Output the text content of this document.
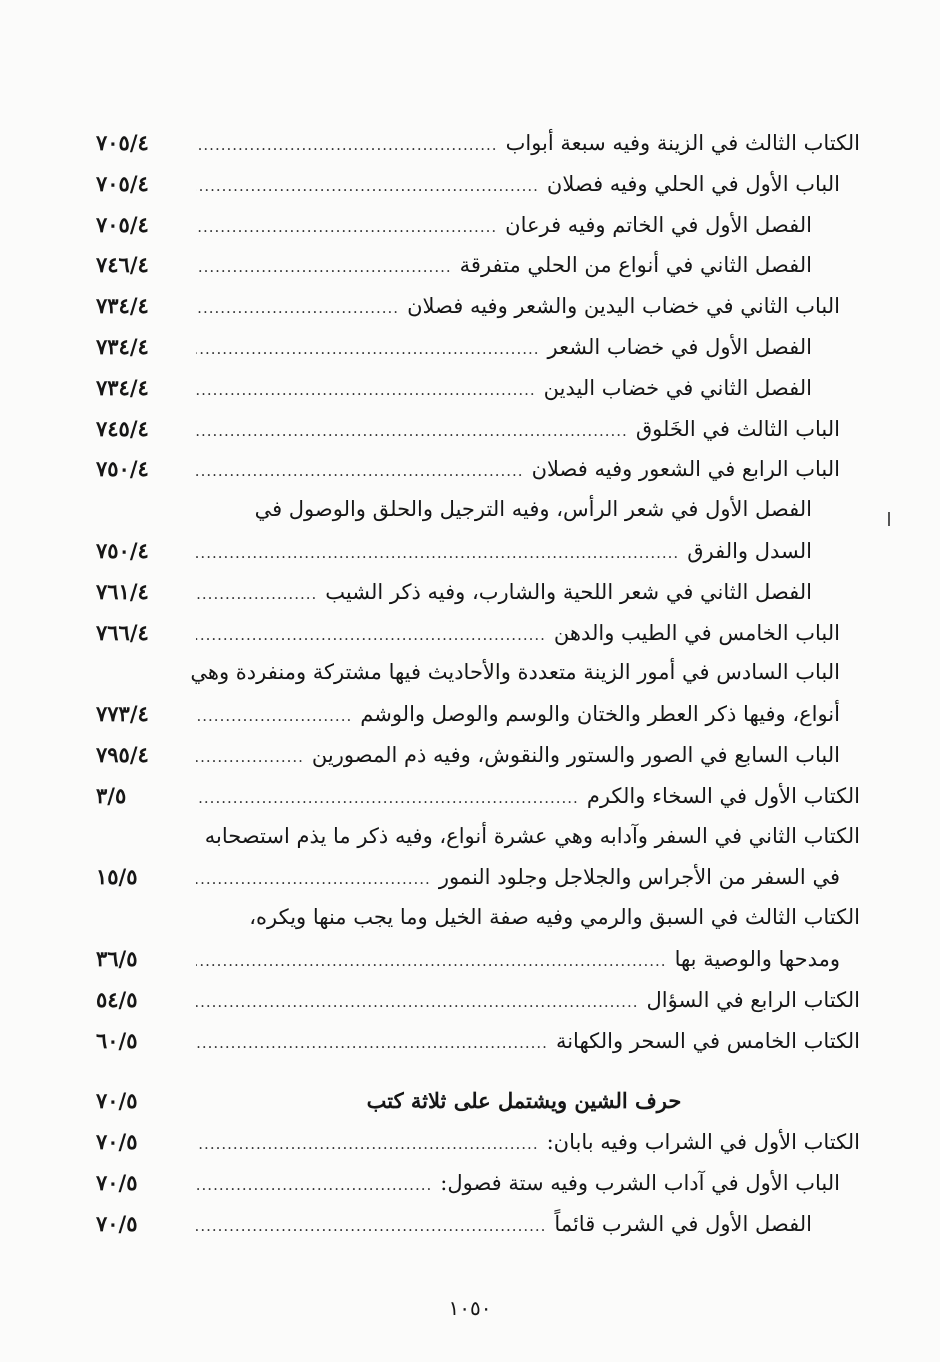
الكتاب الثالث في الزينة وفيه سبعة أبواب
.....
٧٠٥/٤
الباب الأول في الحلي وفيه فصلان
.....
٧٠٥/٤
الفصل الأول في الخاتم وفيه فرعان
.....
٧٠٥/٤
الفصل الثاني في أنواع من الحلي متفرقة
.....
٧٤٦/٤
الباب الثاني في خضاب اليدين والشعر وفيه فصلان
.....
٧٣٤/٤
الفصل الأول في خضاب الشعر
.....
٧٣٤/٤
الفصل الثاني في خضاب اليدين
.....
٧٣٤/٤
الباب الثالث في الخَلوق
.....
٧٤٥/٤
الباب الرابع في الشعور وفيه فصلان
.....
٧٥٠/٤
الفصل الأول في شعر الرأس، وفيه الترجيل والحلق والوصول في
السدل والفرق
.....
٧٥٠/٤
الفصل الثاني في شعر اللحية والشارب، وفيه ذكر الشيب
.....
٧٦١/٤
الباب الخامس في الطيب والدهن
.....
٧٦٦/٤
الباب السادس في أمور الزينة متعددة والأحاديث فيها مشتركة ومنفردة وهي
أنواع، وفيها ذكر العطر والختان والوسم والوصل والوشم
.....
٧٧٣/٤
الباب السابع في الصور والستور والنقوش، وفيه ذم المصورين
.....
٧٩٥/٤
الكتاب الأول في السخاء والكرم
.....
٣/٥
الكتاب الثاني في السفر وآدابه وهي عشرة أنواع، وفيه ذكر ما يذم استصحابه
في السفر من الأجراس والجلاجل وجلود النمور
.....
١٥/٥
الكتاب الثالث في السبق والرمي وفيه صفة الخيل وما يجب منها ويكره،
ومدحها والوصية بها
.....
٣٦/٥
الكتاب الرابع في السؤال
.....
٥٤/٥
الكتاب الخامس في السحر والكهانة
.....
٦٠/٥
حرف الشين ويشتمل على ثلاثة كتب
٧٠/٥
الكتاب الأول في الشراب وفيه بابان:
.....
٧٠/٥
الباب الأول في آداب الشرب وفيه ستة فصول:
.....
٧٠/٥
الفصل الأول في الشرب قائماً
.....
٧٠/٥
١٠٥٠
